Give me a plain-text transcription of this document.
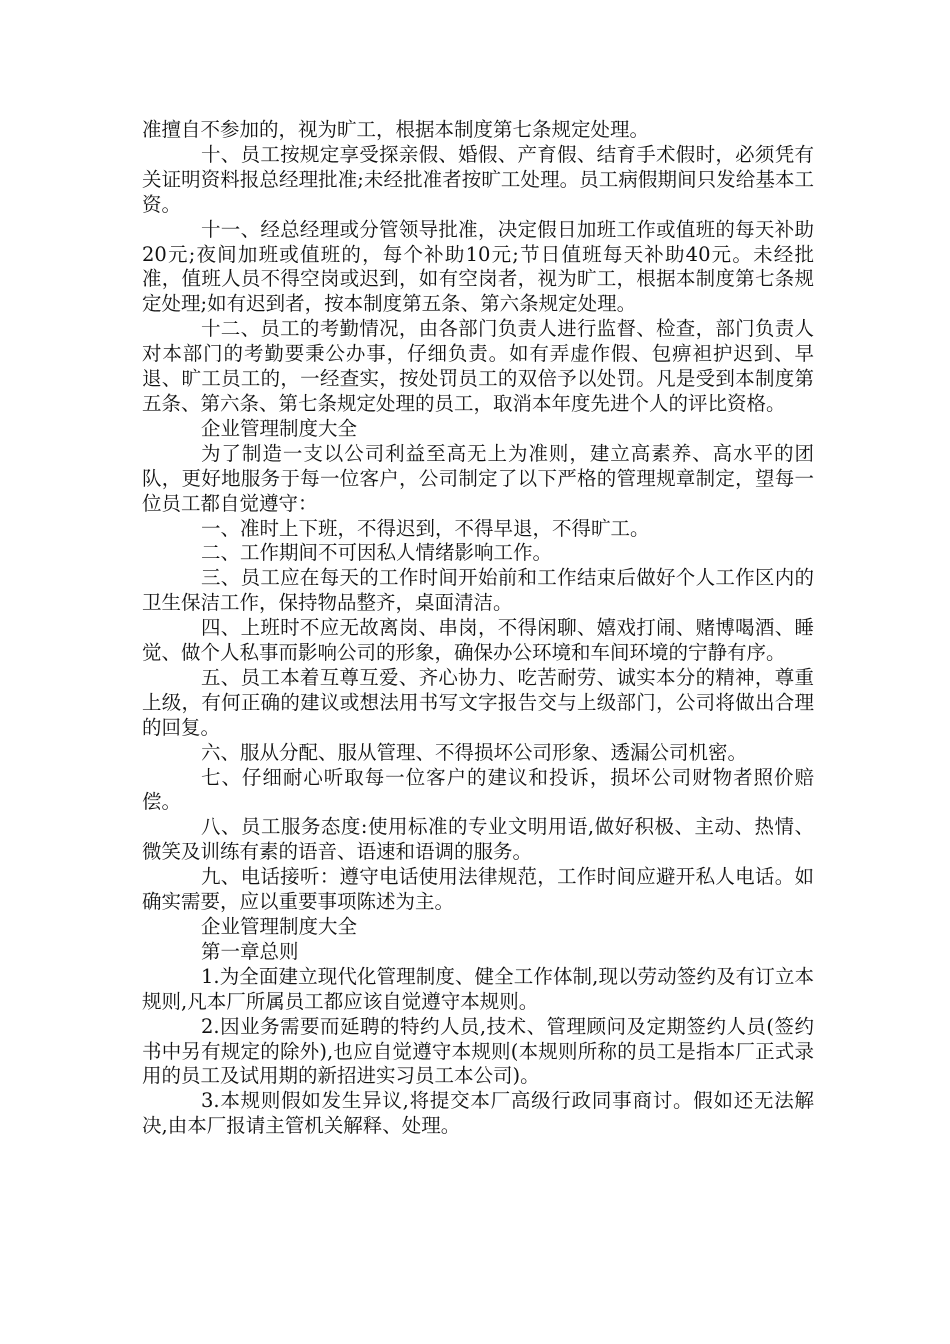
准擅自不参加的，视为旷工，根据本制度第七条规定处理。

十、员工按规定享受探亲假、婚假、产育假、结育手术假时，必须凭有关证明资料报总经理批准;未经批准者按旷工处理。员工病假期间只发给基本工资。

十一、经总经理或分管领导批准，决定假日加班工作或值班的每天补助20元;夜间加班或值班的，每个补助10元;节日值班每天补助40元。未经批准，值班人员不得空岗或迟到，如有空岗者，视为旷工，根据本制度第七条规定处理;如有迟到者，按本制度第五条、第六条规定处理。

十二、员工的考勤情况，由各部门负责人进行监督、检查，部门负责人对本部门的考勤要秉公办事，仔细负责。如有弄虚作假、包痹袒护迟到、早退、旷工员工的，一经查实，按处罚员工的双倍予以处罚。凡是受到本制度第五条、第六条、第七条规定处理的员工，取消本年度先进个人的评比资格。

企业管理制度大全

为了制造一支以公司利益至高无上为准则，建立高素养、高水平的团队，更好地服务于每一位客户，公司制定了以下严格的管理规章制定，望每一位员工都自觉遵守：

一、准时上下班，不得迟到，不得早退，不得旷工。

二、工作期间不可因私人情绪影响工作。

三、员工应在每天的工作时间开始前和工作结束后做好个人工作区内的卫生保洁工作，保持物品整齐，桌面清洁。

四、上班时不应无故离岗、串岗，不得闲聊、嬉戏打闹、赌博喝酒、睡觉、做个人私事而影响公司的形象，确保办公环境和车间环境的宁静有序。

五、员工本着互尊互爱、齐心协力、吃苦耐劳、诚实本分的精神，尊重上级，有何正确的建议或想法用书写文字报告交与上级部门，公司将做出合理的回复。

六、服从分配、服从管理、不得损坏公司形象、透漏公司机密。

七、仔细耐心听取每一位客户的建议和投诉，损坏公司财物者照价赔偿。

八、员工服务态度:使用标准的专业文明用语,做好积极、主动、热情、微笑及训练有素的语音、语速和语调的服务。

九、电话接听：遵守电话使用法律规范，工作时间应避开私人电话。如确实需要，应以重要事项陈述为主。

企业管理制度大全

第一章总则

1.为全面建立现代化管理制度、健全工作体制,现以劳动签约及有订立本规则,凡本厂所属员工都应该自觉遵守本规则。

2.因业务需要而延聘的特约人员,技术、管理顾问及定期签约人员(签约书中另有规定的除外),也应自觉遵守本规则(本规则所称的员工是指本厂正式录用的员工及试用期的新招进实习员工本公司)。

3.本规则假如发生异议,将提交本厂高级行政同事商讨。假如还无法解决,由本厂报请主管机关解释、处理。
